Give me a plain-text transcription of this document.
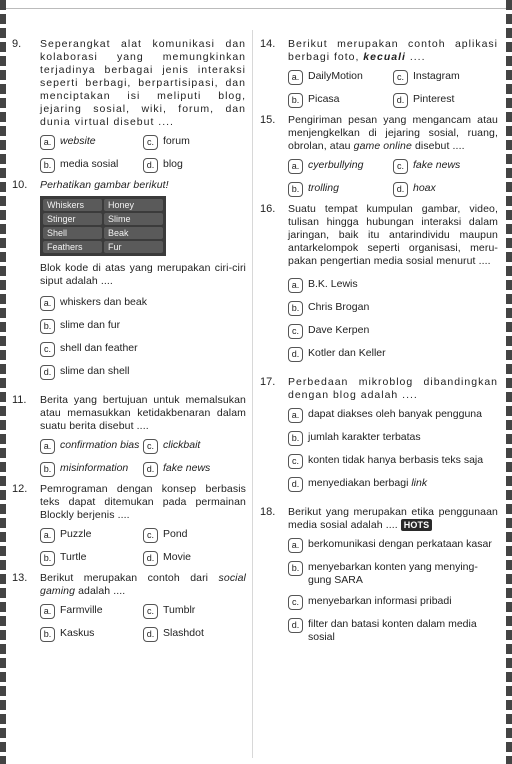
9.	Seperangkat alat komunikasi dan kolaborasi yang memungkinkan terjadinya berbagai jenis interaksi seperti berbagi, berpartisipasi, dan menciptakan isi meliputi blog, jejaring sosial, wiki, forum, dan dunia virtual disebut ....
a. website	c. forum
b. media sosial	d. blog
10.	Perhatikan gambar berikut!
Whiskers	Honey
Stinger	Slime
Shell	Beak
Feathers	Fur
Blok kode di atas yang merupakan ciri-ciri siput adalah ....
a. whiskers dan beak
b. slime dan fur
c. shell dan feather
d. slime dan shell
11.	Berita yang bertujuan untuk memalsukan atau memasukkan ketidakbenaran dalam suatu berita disebut ....
a. confirmation bias c. clickbait
b. misinformation	d. fake news
12.	Pemrograman dengan konsep berbasis teks dapat ditemukan pada permainan Blockly berjenis ....
a. Puzzle	c. Pond
b. Turtle	d. Movie
13.	Berikut merupakan contoh dari social gaming adalah ....
a. Farmville	c. Tumblr
b. Kaskus	d. Slashdot
14.	Berikut merupakan contoh aplikasi berbagi foto, kecuali ....
a. DailyMotion	c. Instagram
b. Picasa	d. Pinterest
15.	Pengiriman pesan yang mengancam atau menjengkelkan di jejaring sosial, ruang, obrolan, atau game online disebut ....
a. cyerbullying	c. fake news
b. trolling	d. hoax
16.	Suatu tempat kumpulan gambar, video, tulisan hingga hubungan interaksi dalam jaringan, baik itu antarindividu maupun antarkelompok seperti organisasi, meru-pakan pengertian media sosial menurut ....
a. B.K. Lewis
b. Chris Brogan
c. Dave Kerpen
d. Kotler dan Keller
17.	Perbedaan mikroblog dibandingkan dengan blog adalah ....
a. dapat diakses oleh banyak pengguna
b. jumlah karakter terbatas
c. konten tidak hanya berbasis teks saja
d. menyediakan berbagi link
18.	Berikut yang merupakan etika penggunaan media sosial adalah .... HOTS
a. berkomunikasi dengan perkataan kasar
b. menyebarkan konten yang menying-gung SARA
c. menyebarkan informasi pribadi
d. filter dan batasi konten dalam media sosial
